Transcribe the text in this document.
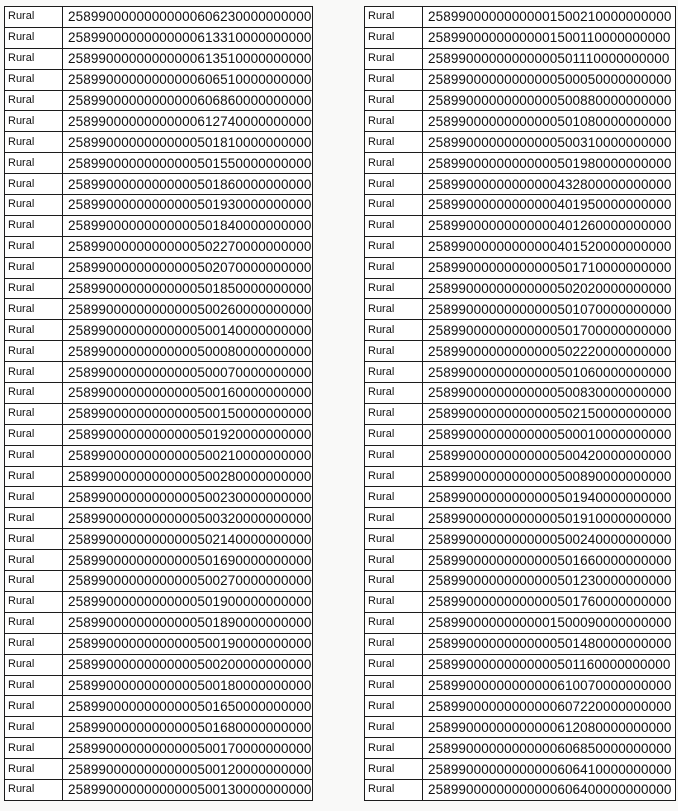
Rural	25899000000000000606230000000000
Rural	25899000000000000613310000000000
Rural	25899000000000000613510000000000
Rural	25899000000000000606510000000000
Rural	25899000000000000606860000000000
Rural	25899000000000000612740000000000
Rural	25899000000000000501810000000000
Rural	25899000000000000501550000000000
Rural	25899000000000000501860000000000
Rural	25899000000000000501930000000000
Rural	25899000000000000501840000000000
Rural	25899000000000000502270000000000
Rural	25899000000000000502070000000000
Rural	25899000000000000501850000000000
Rural	25899000000000000500260000000000
Rural	25899000000000000500140000000000
Rural	25899000000000000500080000000000
Rural	25899000000000000500070000000000
Rural	25899000000000000500160000000000
Rural	25899000000000000500150000000000
Rural	25899000000000000501920000000000
Rural	25899000000000000500210000000000
Rural	25899000000000000500280000000000
Rural	25899000000000000500230000000000
Rural	25899000000000000500320000000000
Rural	25899000000000000502140000000000
Rural	25899000000000000501690000000000
Rural	25899000000000000500270000000000
Rural	25899000000000000501900000000000
Rural	25899000000000000501890000000000
Rural	25899000000000000500190000000000
Rural	25899000000000000500200000000000
Rural	25899000000000000500180000000000
Rural	25899000000000000501650000000000
Rural	25899000000000000501680000000000
Rural	25899000000000000500170000000000
Rural	25899000000000000500120000000000
Rural	25899000000000000500130000000000
Rural	25899000000000001500210000000000
Rural	25899000000000001500110000000000
Rural	25899000000000000501110000000000
Rural	25899000000000000500050000000000
Rural	25899000000000000500880000000000
Rural	25899000000000000501080000000000
Rural	25899000000000000500310000000000
Rural	25899000000000000501980000000000
Rural	25899000000000000432800000000000
Rural	25899000000000000401950000000000
Rural	25899000000000000401260000000000
Rural	25899000000000000401520000000000
Rural	25899000000000000501710000000000
Rural	25899000000000000502020000000000
Rural	25899000000000000501070000000000
Rural	25899000000000000501700000000000
Rural	25899000000000000502220000000000
Rural	25899000000000000501060000000000
Rural	25899000000000000500830000000000
Rural	25899000000000000502150000000000
Rural	25899000000000000500010000000000
Rural	25899000000000000500420000000000
Rural	25899000000000000500890000000000
Rural	25899000000000000501940000000000
Rural	25899000000000000501910000000000
Rural	25899000000000000500240000000000
Rural	25899000000000000501660000000000
Rural	25899000000000000501230000000000
Rural	25899000000000000501760000000000
Rural	25899000000000001500090000000000
Rural	25899000000000000501480000000000
Rural	25899000000000000501160000000000
Rural	25899000000000000610070000000000
Rural	25899000000000000607220000000000
Rural	25899000000000000612080000000000
Rural	25899000000000000606850000000000
Rural	25899000000000000606410000000000
Rural	25899000000000000606400000000000
